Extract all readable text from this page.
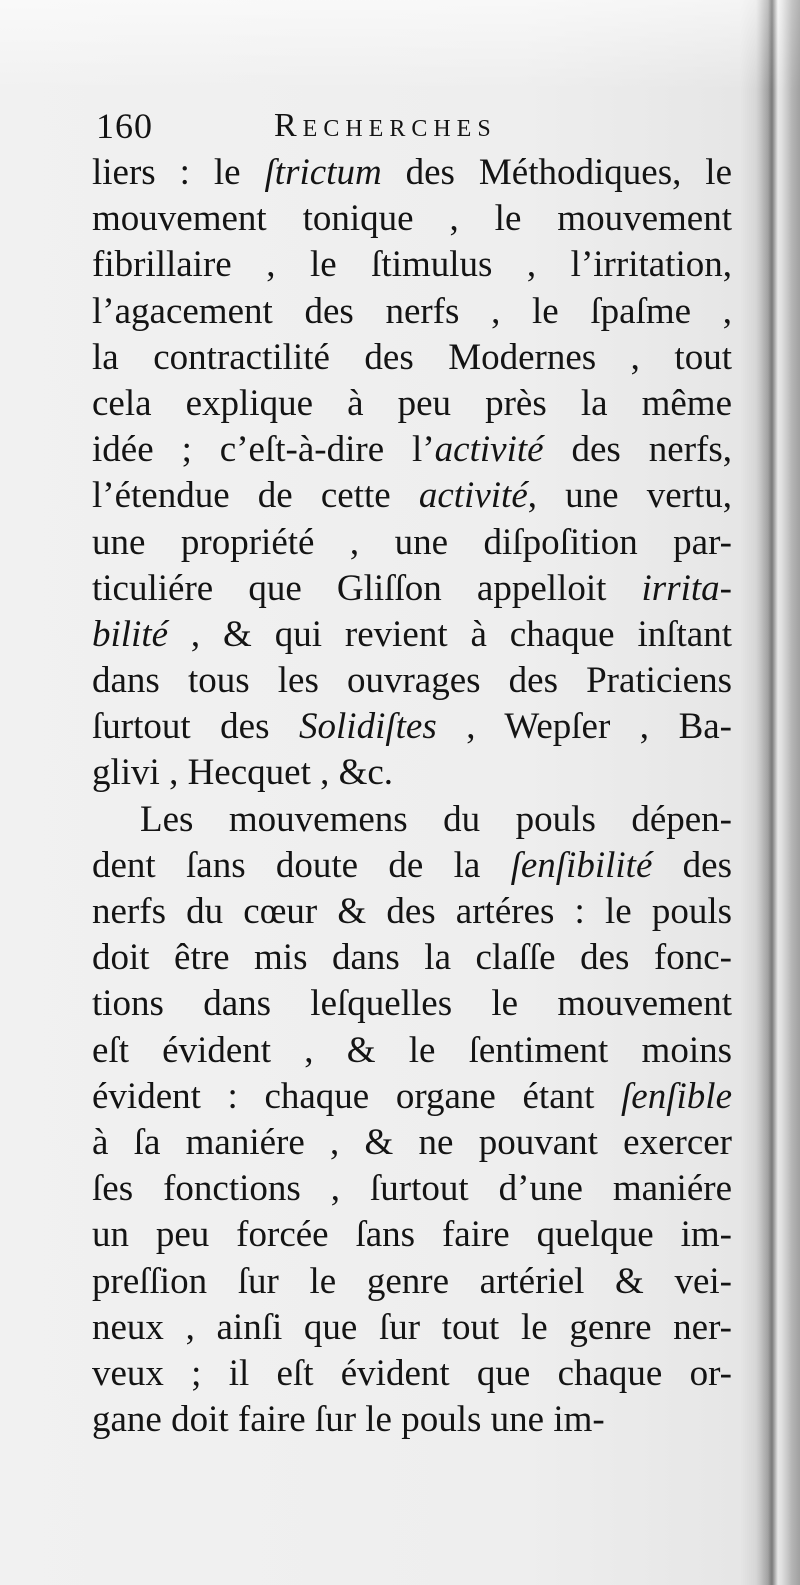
160	Recherches
liers : le ſtrictum des Méthodiques, le
mouvement tonique , le mouvement
fibrillaire , le ſtimulus , l’irritation,
l’agacement des nerfs , le ſpaſme ,
la contractilité des Modernes , tout
cela explique à peu près la même
idée ; c’eſt-à-dire l’activité des nerfs,
l’étendue de cette activité, une vertu,
une propriété , une diſpoſition par-
ticuliére que Gliſſon appelloit irrita-
bilité , & qui revient à chaque inſtant
dans tous les ouvrages des Praticiens
ſurtout des Solidiſtes , Wepſer , Ba-
glivi , Hecquet , &c.
Les mouvemens du pouls dépen-
dent ſans doute de la ſenſibilité des
nerfs du cœur & des artéres : le pouls
doit être mis dans la claſſe des fonc-
tions dans leſquelles le mouvement
eſt évident , & le ſentiment moins
évident : chaque organe étant ſenſible
à ſa maniére , & ne pouvant exercer
ſes fonctions , ſurtout d’une maniére
un peu forcée ſans faire quelque im-
preſſion ſur le genre artériel & vei-
neux , ainſi que ſur tout le genre ner-
veux ; il eſt évident que chaque or-
gane doit faire ſur le pouls une im-
